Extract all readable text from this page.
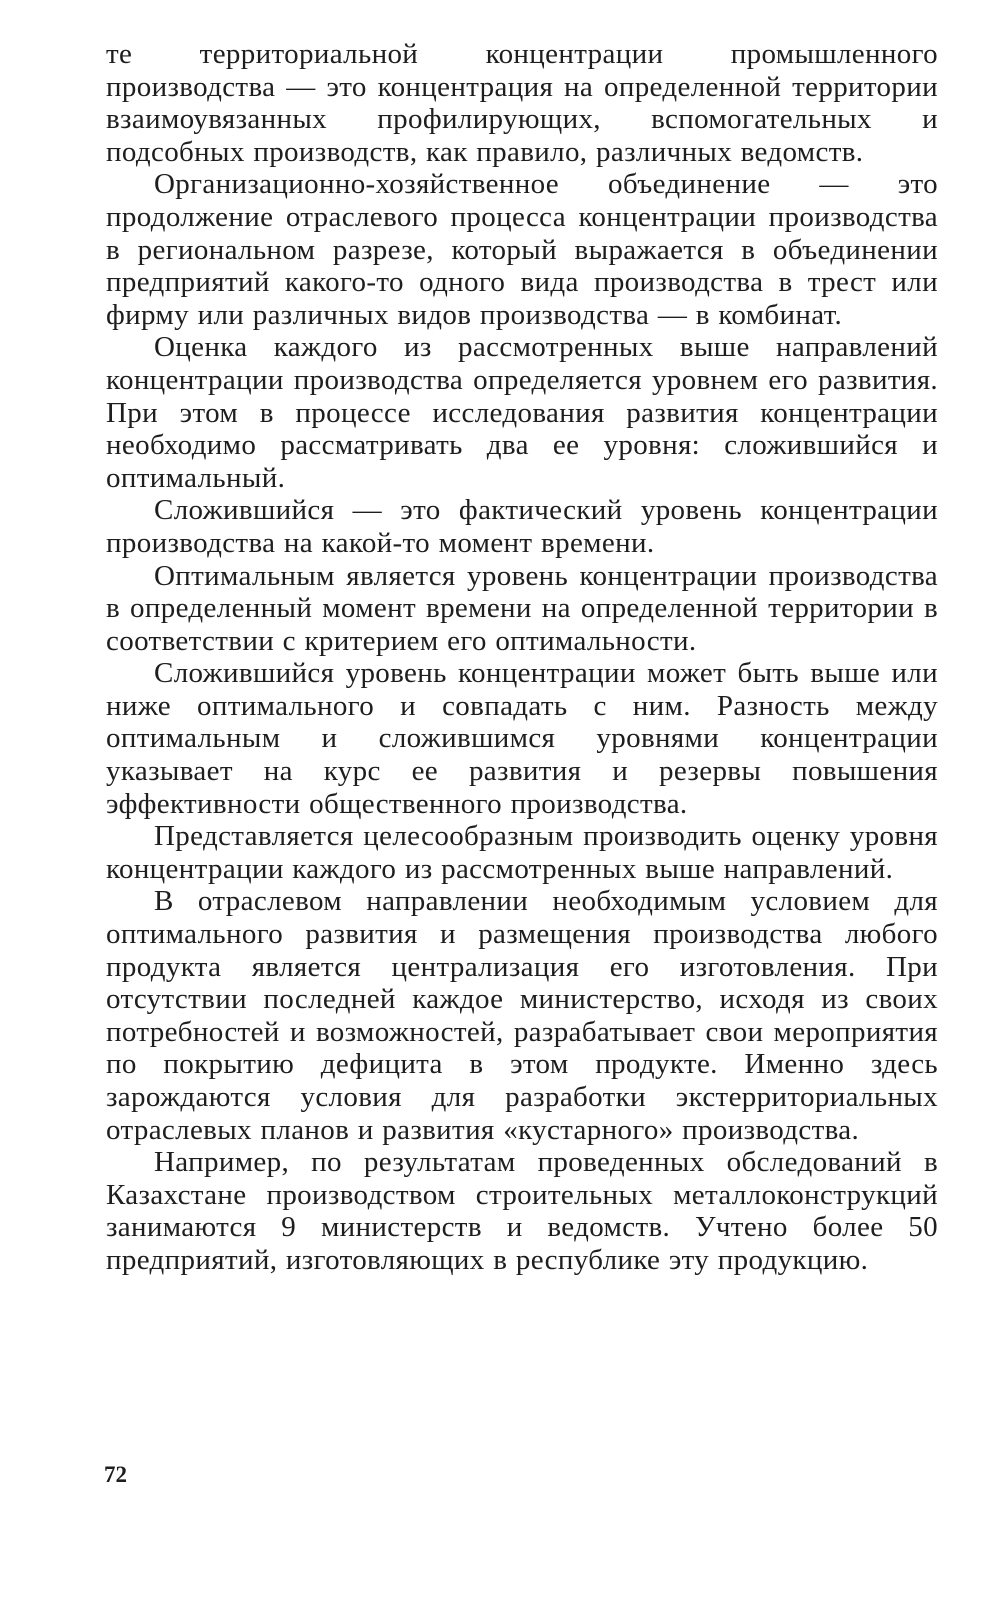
те территориальной концентрации промышленного производства — это концентрация на определенной территории взаимоувязанных профилирующих, вспомогательных и подсобных производств, как правило, различных ведомств.

Организационно-хозяйственное объединение — это продолжение отраслевого процесса концентрации производства в региональном разрезе, который выражается в объединении предприятий какого-то одного вида производства в трест или фирму или различных видов производства — в комбинат.

Оценка каждого из рассмотренных выше направлений концентрации производства определяется уровнем его развития. При этом в процессе исследования развития концентрации необходимо рассматривать два ее уровня: сложившийся и оптимальный.

Сложившийся — это фактический уровень концентрации производства на какой-то момент времени.

Оптимальным является уровень концентрации производства в определенный момент времени на определенной территории в соответствии с критерием его оптимальности.

Сложившийся уровень концентрации может быть выше или ниже оптимального и совпадать с ним. Разность между оптимальным и сложившимся уровнями концентрации указывает на курс ее развития и резервы повышения эффективности общественного производства.

Представляется целесообразным производить оценку уровня концентрации каждого из рассмотренных выше направлений.

В отраслевом направлении необходимым условием для оптимального развития и размещения производства любого продукта является централизация его изготовления. При отсутствии последней каждое министерство, исходя из своих потребностей и возможностей, разрабатывает свои мероприятия по покрытию дефицита в этом продукте. Именно здесь зарождаются условия для разработки экстерриториальных отраслевых планов и развития «кустарного» производства.

Например, по результатам проведенных обследований в Казахстане производством строительных металлоконструкций занимаются 9 министерств и ведомств. Учтено более 50 предприятий, изготовляющих в республике эту продукцию.

72
